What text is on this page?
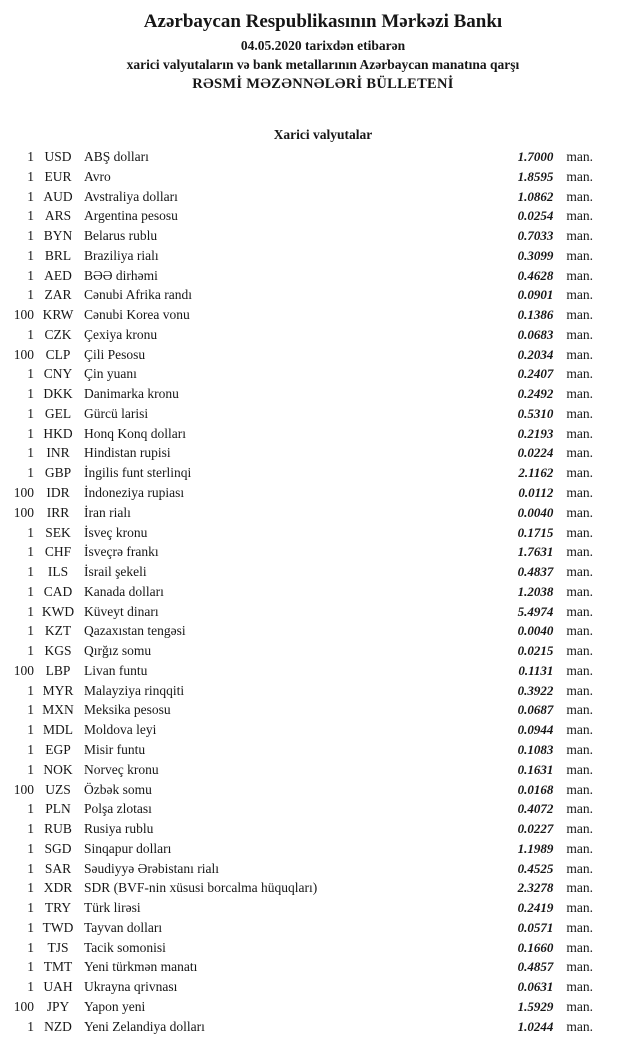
Azərbaycan Respublikasının Mərkəzi Bankı
04.05.2020 tarixdən etibarən
xarici valyutaların və bank metallarının Azərbaycan manatına qarşı
RƏSMİ MƏZƏNNƏLƏRİ BÜLLETENİ
Xarici valyutalar
1 USD ABŞ dolları	1.7000 man.
1 EUR Avro	1.8595 man.
1 AUD Avstraliya dolları	1.0862 man.
1 ARS Argentina pesosu	0.0254 man.
1 BYN Belarus rublu	0.7033 man.
1 BRL Braziliya rialı	0.3099 man.
1 AED BƏƏ dirhəmi	0.4628 man.
1 ZAR Cənubi Afrika randı	0.0901 man.
100 KRW Cənubi Korea vonu	0.1386 man.
1 CZK Çexiya kronu	0.0683 man.
100 CLP	Çili Pesosu	0.2034 man.
1 CNY Çin yuanı	0.2407 man.
1 DKK Danimarka kronu	0.2492 man.
1 GEL Gürcü larisi	0.5310 man.
1 HKD Honq Konq dolları	0.2193 man.
1 INR	Hindistan rupisi	0.0224 man.
1 GBP İngilis funt sterlinqi	2.1162 man.
100 IDR	İndoneziya rupiası	0.0112 man.
100 IRR	İran rialı	0.0040 man.
1 SEK İsveç kronu	0.1715 man.
1 CHF İsveçrə frankı	1.7631 man.
1	ILS	İsrail şekeli	0.4837 man.
1 CAD Kanada dolları	1.2038 man.
1 KWD Küveyt dinarı	5.4974 man.
1 KZT Qazaxıstan tengəsi	0.0040 man.
1 KGS Qırğız somu	0.0215 man.
100 LBP	Livan funtu	0.1131 man.
1 MYR Malayziya rinqqiti	0.3922 man.
1 MXN Meksika pesosu	0.0687 man.
1 MDL Moldova leyi	0.0944 man.
1 EGP Misir funtu	0.1083 man.
1 NOK Norveç kronu	0.1631 man.
100 UZS Özbək somu	0.0168 man.
1 PLN Polşa zlotası	0.4072 man.
1 RUB Rusiya rublu	0.0227 man.
1 SGD Sinqapur dolları	1.1989 man.
1 SAR Səudiyyə Ərəbistanı rialı	0.4525 man.
1 XDR SDR (BVF-nin xüsusi borcalma hüquqları)	2.3278 man.
1 TRY Türk lirəsi	0.2419 man.
1 TWD Tayvan dolları	0.0571 man.
1 TJS	Tacik somonisi	0.1660 man.
1 TMT Yeni türkmən manatı	0.4857 man.
1 UAH Ukrayna qrivnası	0.0631 man.
100 JPY	Yapon yeni	1.5929 man.
1 NZD Yeni Zelandiya dolları	1.0244 man.
